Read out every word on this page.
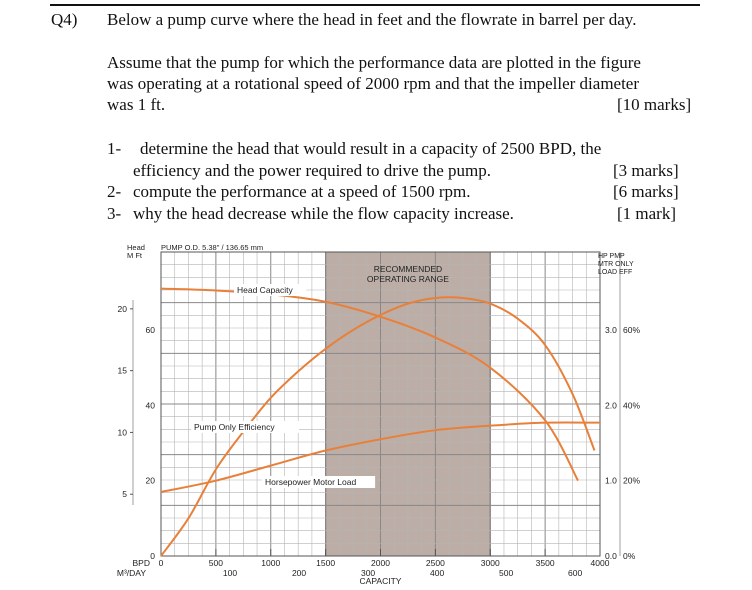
Q4) Below a pump curve where the head in feet and the flowrate in barrel per day.
Assume that the pump for which the performance data are plotted in the figure
was operating at a rotational speed of 2000 rpm and that the impeller diameter
was 1 ft.	[10 marks]
1- determine the head that would result in a capacity of 2500 BPD, the
efficiency and the power required to drive the pump.	[3 marks]
2- compute the performance at a speed of 1500 rpm.	[6 marks]
3- why the head decrease while the flow capacity increase.	[1 mark]
5
10
15
20
0
20
40
60
0.0
1.0
2.0
3.0
0%
20%
40%
60%
0	500	1000	1500	2000	2500	3000	3500	4000
100	200	300	400	500	600
BPD
M³/DAY
CAPACITY
Head
M Ft
PUMP O.D. 5.38" / 136.65 mm
HP PMP
MTR ONLY
LOAD EFF
RECOMMENDED
OPERATING RANGE
Head Capacity
Pump Only Efficiency
Horsepower Motor Load
